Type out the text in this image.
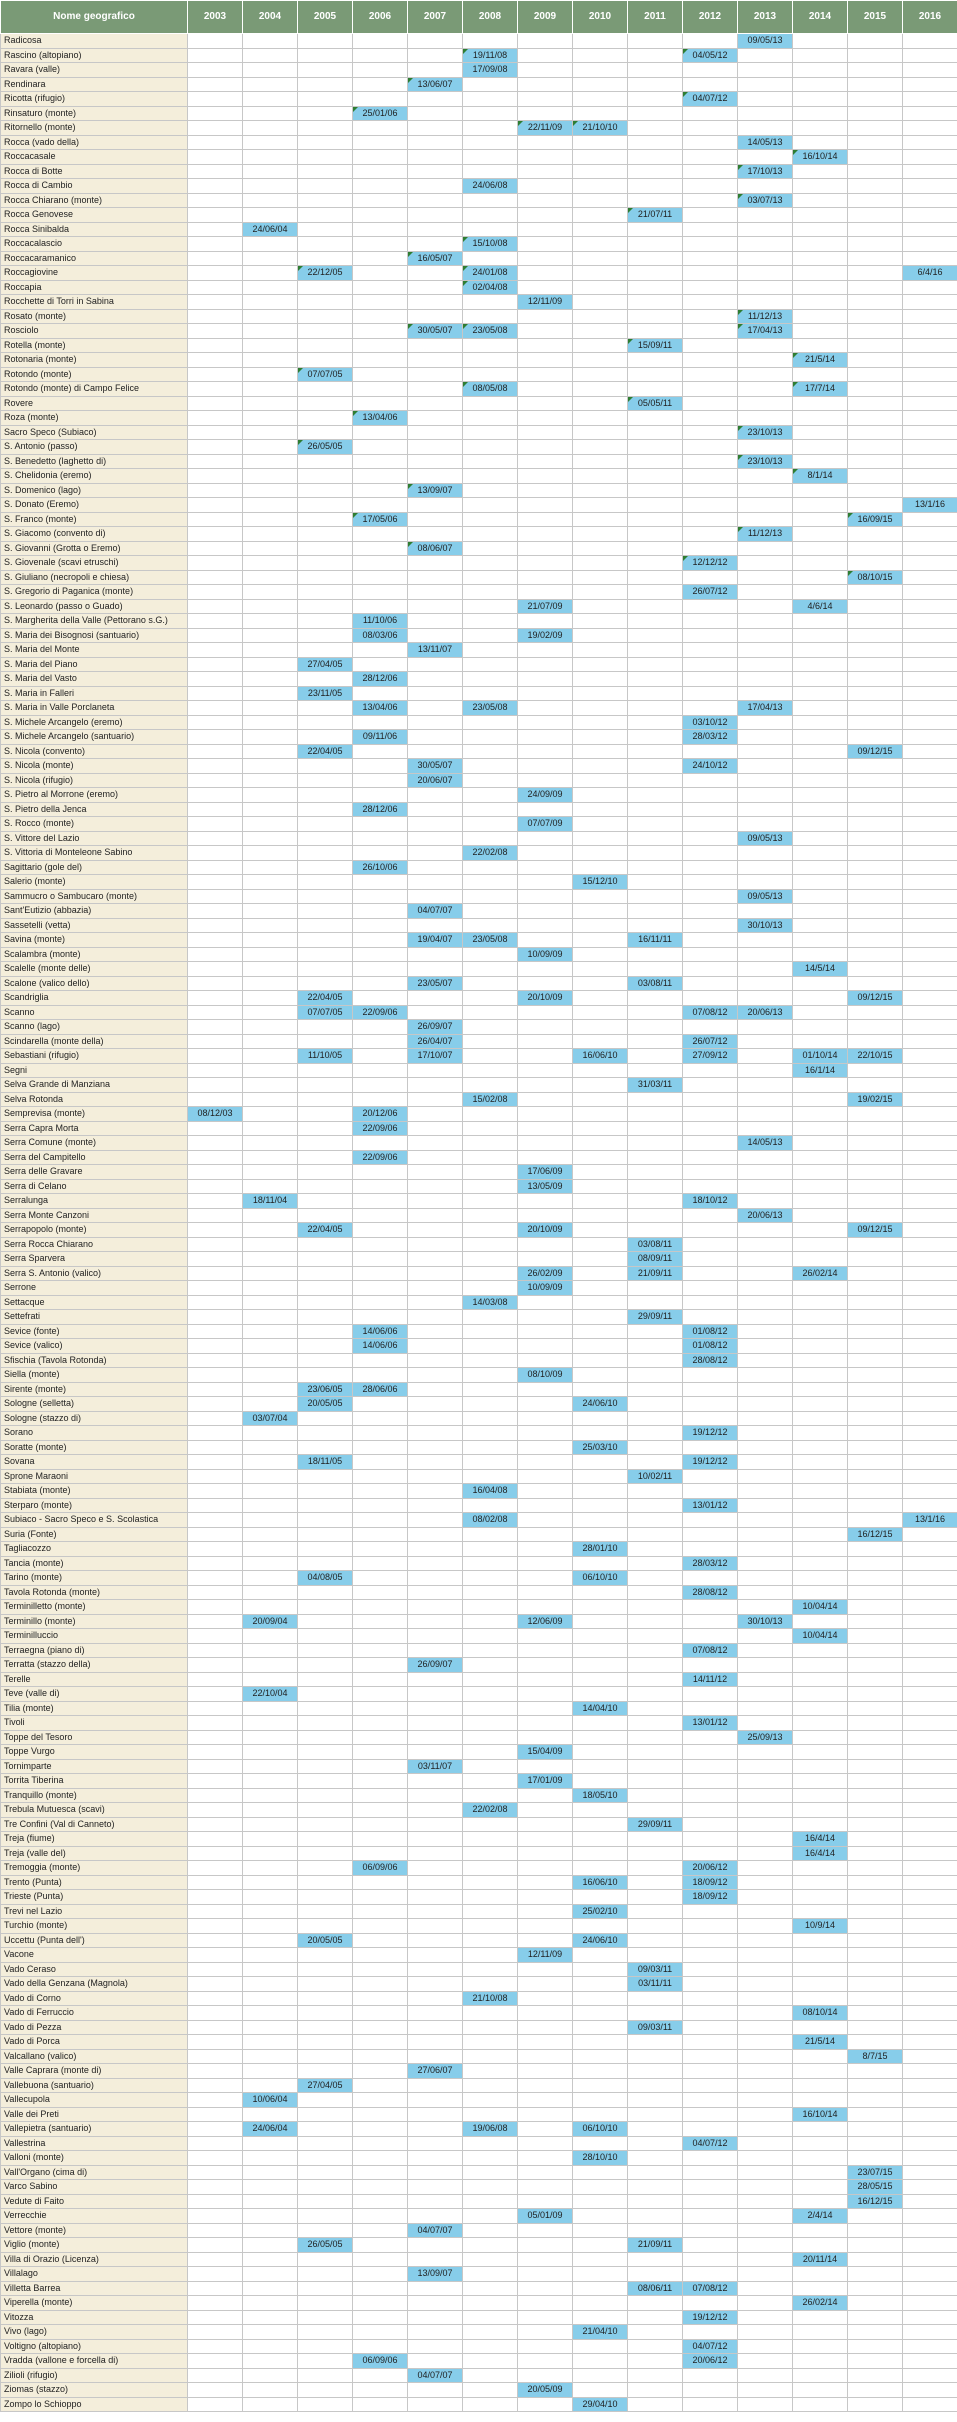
Nome geografico	2003	2004	2005	2006	2007	2008	2009	2010	2011	2012	2013	2014	2015	2016
Radicosa											09/05/13			
Rascino (altopiano)						19/11/08				04/05/12				
Ravara (valle)						17/09/08								
Rendinara					13/06/07									
Ricotta (rifugio)										04/07/12				
Rinsaturo (monte)				25/01/06										
Ritornello (monte)							22/11/09	21/10/10						
Rocca (vado della)											14/05/13			
Roccacasale												16/10/14		
Rocca di Botte											17/10/13			
Rocca di Cambio						24/06/08								
Rocca Chiarano (monte)											03/07/13			
Rocca Genovese									21/07/11					
Rocca Sinibalda		24/06/04												
Roccacalascio						15/10/08								
Roccacaramanico					16/05/07									
Roccagiovine			22/12/05			24/01/08								6/4/16
Roccapia						02/04/08								
Rocchette di Torri in Sabina							12/11/09							
Rosato (monte)											11/12/13			
Rosciolo					30/05/07	23/05/08					17/04/13			
Rotella (monte)									15/09/11					
Rotonaria (monte)												21/5/14		
Rotondo (monte)			07/07/05											
Rotondo (monte) di Campo Felice						08/05/08						17/7/14		
Rovere									05/05/11					
Roza (monte)				13/04/06										
Sacro Speco (Subiaco)											23/10/13			
S. Antonio (passo)			26/05/05											
S. Benedetto (laghetto di)											23/10/13			
S. Chelidonia (eremo)												8/1/14		
S. Domenico (lago)					13/09/07									
S. Donato (Eremo)														13/1/16
S. Franco (monte)				17/05/06									16/09/15	
S. Giacomo (convento di)											11/12/13			
S. Giovanni (Grotta o Eremo)					08/06/07									
S. Giovenale (scavi etruschi)										12/12/12				
S. Giuliano (necropoli e chiesa)													08/10/15	
S. Gregorio di Paganica (monte)										26/07/12				
S. Leonardo (passo o Guado)							21/07/09					4/6/14		
S. Margherita della Valle (Pettorano s.G.)				11/10/06										
S. Maria dei Bisognosi (santuario)				08/03/06			19/02/09							
S. Maria del Monte					13/11/07									
S. Maria del Piano			27/04/05											
S. Maria del Vasto				28/12/06										
S. Maria in Falleri			23/11/05											
S. Maria in Valle Porclaneta				13/04/06		23/05/08					17/04/13			
S. Michele Arcangelo (eremo)										03/10/12				
S. Michele Arcangelo (santuario)				09/11/06						28/03/12				
S. Nicola (convento)			22/04/05										09/12/15	
S. Nicola (monte)					30/05/07					24/10/12				
S. Nicola (rifugio)					20/06/07									
S. Pietro al Morrone (eremo)							24/09/09							
S. Pietro della Jenca				28/12/06										
S. Rocco (monte)							07/07/09							
S. Vittore del Lazio											09/05/13			
S. Vittoria di Monteleone Sabino						22/02/08								
Sagittario (gole del)				26/10/06										
Salerio (monte)								15/12/10						
Sammucro o Sambucaro (monte)											09/05/13			
Sant'Eutizio (abbazia)					04/07/07									
Sassetelli (vetta)											30/10/13			
Savina (monte)					19/04/07	23/05/08			16/11/11					
Scalambra (monte)							10/09/09							
Scalelle (monte delle)												14/5/14		
Scalone (valico dello)					23/05/07				03/08/11					
Scandriglia			22/04/05				20/10/09						09/12/15	
Scanno			07/07/05	22/09/06						07/08/12	20/06/13			
Scanno (lago)					26/09/07									
Scindarella (monte della)					26/04/07					26/07/12				
Sebastiani (rifugio)			11/10/05		17/10/07			16/06/10		27/09/12		01/10/14	22/10/15	
Segni												16/1/14		
Selva Grande di Manziana									31/03/11					
Selva Rotonda						15/02/08							19/02/15	
Semprevisa (monte)	08/12/03			20/12/06										
Serra Capra Morta				22/09/06										
Serra Comune (monte)											14/05/13			
Serra del Campitello				22/09/06										
Serra delle Gravare							17/06/09							
Serra di Celano							13/05/09							
Serralunga		18/11/04								18/10/12				
Serra Monte Canzoni											20/06/13			
Serrapopolo (monte)			22/04/05				20/10/09						09/12/15	
Serra Rocca Chiarano									03/08/11					
Serra Sparvera									08/09/11					
Serra S. Antonio (valico)							26/02/09		21/09/11			26/02/14		
Serrone							10/09/09							
Settacque						14/03/08								
Settefrati									29/09/11					
Sevice (fonte)				14/06/06						01/08/12				
Sevice (valico)				14/06/06						01/08/12				
Sfischia (Tavola Rotonda)										28/08/12				
Siella (monte)							08/10/09							
Sirente (monte)			23/06/05	28/06/06										
Sologne (selletta)			20/05/05					24/06/10						
Sologne (stazzo di)		03/07/04												
Sorano										19/12/12				
Soratte (monte)								25/03/10						
Sovana			18/11/05							19/12/12				
Sprone Maraoni									10/02/11					
Stabiata (monte)						16/04/08								
Sterparo (monte)										13/01/12				
Subiaco - Sacro Speco e S. Scolastica						08/02/08								13/1/16
Suria (Fonte)													16/12/15	
Tagliacozzo								28/01/10						
Tancia (monte)										28/03/12				
Tarino (monte)			04/08/05					06/10/10						
Tavola Rotonda (monte)										28/08/12				
Terminilletto (monte)												10/04/14		
Terminillo (monte)		20/09/04					12/06/09				30/10/13			
Terminilluccio												10/04/14		
Terraegna (piano di)										07/08/12				
Terratta (stazzo della)					26/09/07									
Terelle										14/11/12				
Teve (valle di)		22/10/04												
Tilia (monte)								14/04/10						
Tivoli										13/01/12				
Toppe del Tesoro											25/09/13			
Toppe Vurgo							15/04/09							
Tornimparte					03/11/07									
Torrita Tiberina							17/01/09							
Tranquillo (monte)								18/05/10						
Trebula Mutuesca (scavi)						22/02/08								
Tre Confini (Val di Canneto)									29/09/11					
Treja (fiume)												16/4/14		
Treja (valle del)												16/4/14		
Tremoggia (monte)				06/09/06						20/06/12				
Trento (Punta)								16/06/10		18/09/12				
Trieste (Punta)										18/09/12				
Trevi nel Lazio								25/02/10						
Turchio (monte)												10/9/14		
Uccettu (Punta dell')			20/05/05					24/06/10						
Vacone							12/11/09							
Vado Ceraso									09/03/11					
Vado della Genzana (Magnola)									03/11/11					
Vado di Corno						21/10/08								
Vado di Ferruccio												08/10/14		
Vado di Pezza									09/03/11					
Vado di Porca												21/5/14		
Valcallano (valico)													8/7/15	
Valle Caprara (monte di)					27/06/07									
Vallebuona (santuario)			27/04/05											
Vallecupola		10/06/04												
Valle dei Preti												16/10/14		
Vallepietra (santuario)		24/06/04				19/06/08		06/10/10						
Vallestrina										04/07/12				
Valloni (monte)								28/10/10						
Vall'Organo (cima di)													23/07/15	
Varco Sabino													28/05/15	
Vedute di Faito													16/12/15	
Verrecchie							05/01/09					2/4/14		
Vettore (monte)					04/07/07									
Viglio (monte)			26/05/05						21/09/11					
Villa di Orazio (Licenza)												20/11/14		
Villalago					13/09/07									
Villetta Barrea									08/06/11	07/08/12				
Viperella (monte)												26/02/14		
Vitozza										19/12/12				
Vivo (lago)								21/04/10						
Voltigno (altopiano)										04/07/12				
Vradda (vallone e forcella di)				06/09/06						20/06/12				
Zilioli (rifugio)					04/07/07									
Ziomas (stazzo)							20/05/09							
Zompo lo Schioppo								29/04/10						
